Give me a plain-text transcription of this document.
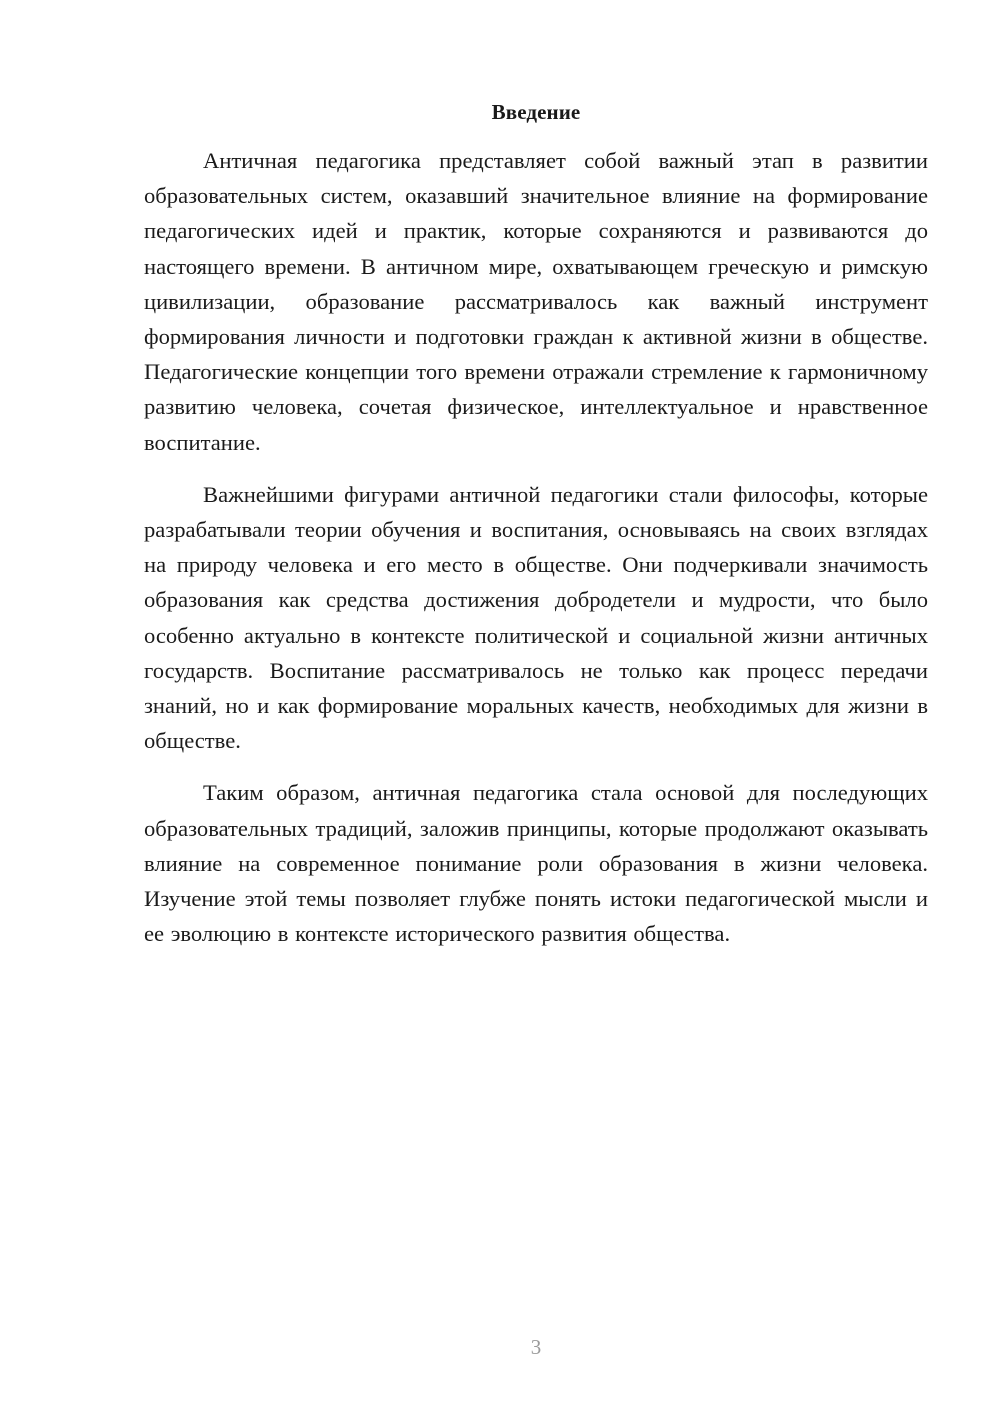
Введение

Античная педагогика представляет собой важный этап в развитии образовательных систем, оказавший значительное влияние на формирование педагогических идей и практик, которые сохраняются и развиваются до настоящего времени. В античном мире, охватывающем греческую и римскую цивилизации, образование рассматривалось как важный инструмент формирования личности и подготовки граждан к активной жизни в обществе. Педагогические концепции того времени отражали стремление к гармоничному развитию человека, сочетая физическое, интеллектуальное и нравственное воспитание.

Важнейшими фигурами античной педагогики стали философы, которые разрабатывали теории обучения и воспитания, основываясь на своих взглядах на природу человека и его место в обществе. Они подчеркивали значимость образования как средства достижения добродетели и мудрости, что было особенно актуально в контексте политической и социальной жизни античных государств. Воспитание рассматривалось не только как процесс передачи знаний, но и как формирование моральных качеств, необходимых для жизни в обществе.

Таким образом, античная педагогика стала основой для последующих образовательных традиций, заложив принципы, которые продолжают оказывать влияние на современное понимание роли образования в жизни человека. Изучение этой темы позволяет глубже понять истоки педагогической мысли и ее эволюцию в контексте исторического развития общества.

3
